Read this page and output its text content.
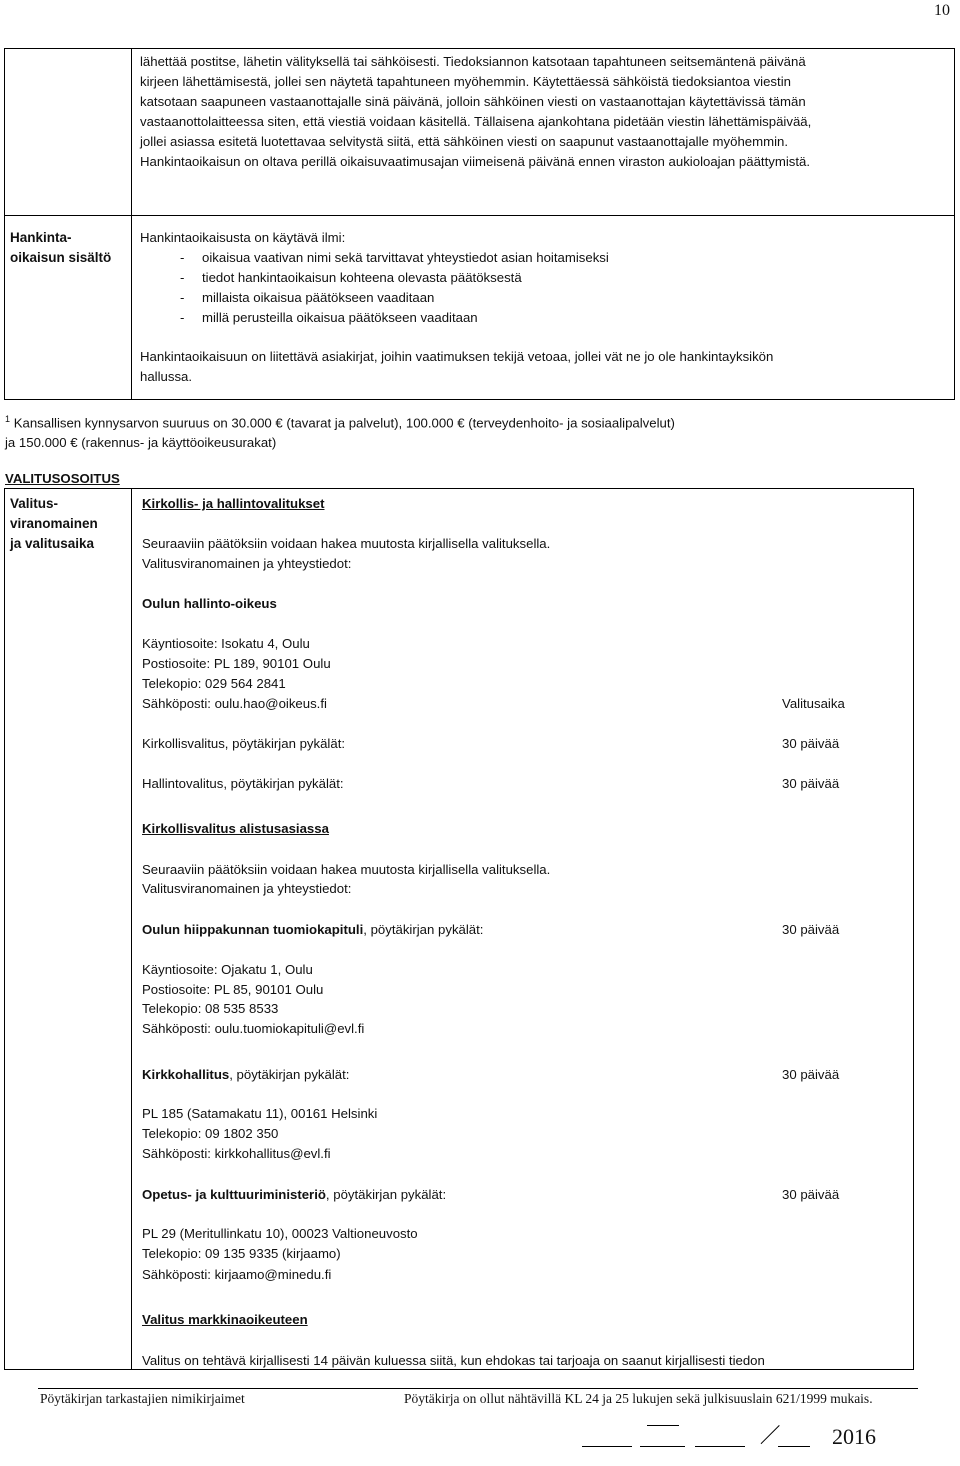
10
lähettää postitse, lähetin välityksellä tai sähköisesti. Tiedoksiannon katsotaan tapahtuneen seitsemäntenä päivänä
kirjeen lähettämisestä, jollei sen näytetä tapahtuneen myöhemmin. Käytettäessä sähköistä tiedoksiantoa viestin
katsotaan saapuneen vastaanottajalle sinä päivänä, jolloin sähköinen viesti on vastaanottajan käytettävissä tämän
vastaanottolaitteessa siten, että viestiä voidaan käsitellä. Tällaisena ajankohtana pidetään viestin lähettämispäivää,
jollei asiassa esitetä luotettavaa selvitystä siitä, että sähköinen viesti on saapunut vastaanottajalle myöhemmin.
Hankintaoikaisun on oltava perillä oikaisuvaatimusajan viimeisenä päivänä ennen viraston aukioloajan päättymistä.
Hankinta-
oikaisun sisältö
Hankintaoikaisusta on käytävä ilmi:
- oikaisua vaativan nimi sekä tarvittavat yhteystiedot asian hoitamiseksi
- tiedot hankintaoikaisun kohteena olevasta päätöksestä
- millaista oikaisua päätökseen vaaditaan
- millä perusteilla oikaisua päätökseen vaaditaan
Hankintaoikaisuun on liitettävä asiakirjat, joihin vaatimuksen tekijä vetoaa, jollei vät ne jo ole hankintayksikön
hallussa.
$^1$ Kansallisen kynnysarvon suuruus on 30.000 € (tavarat ja palvelut), 100.000 € (terveydenhoito- ja sosiaalipalvelut)
ja 150.000 € (rakennus- ja käyttöoikeusurakat)
VALITUSOSOITUS
Valitus-
viranomainen
ja valitusaika
Kirkollis- ja hallintovalitukset
Seuraaviin päätöksiin voidaan hakea muutosta kirjallisella valituksella.
Valitusviranomainen ja yhteystiedot:
Oulun hallinto-oikeus
Käyntiosoite: Isokatu 4, Oulu
Postiosoite: PL 189, 90101 Oulu
Telekopio: 029 564 2841
Sähköposti: oulu.hao@oikeus.fi	Valitusaika
Kirkollisvalitus, pöytäkirjan pykälät:	30 päivää
Hallintovalitus, pöytäkirjan pykälät:	30 päivää
Kirkollisvalitus alistusasiassa
Seuraaviin päätöksiin voidaan hakea muutosta kirjallisella valituksella.
Valitusviranomainen ja yhteystiedot:
Oulun hiippakunnan tuomiokapituli, pöytäkirjan pykälät:	30 päivää
Käyntiosoite: Ojakatu 1, Oulu
Postiosoite: PL 85, 90101 Oulu
Telekopio: 08 535 8533
Sähköposti: oulu.tuomiokapituli@evl.fi
Kirkkohallitus, pöytäkirjan pykälät:	30 päivää
PL 185 (Satamakatu 11), 00161 Helsinki
Telekopio: 09 1802 350
Sähköposti: kirkkohallitus@evl.fi
Opetus- ja kulttuuriministeriö, pöytäkirjan pykälät:	30 päivää
PL 29 (Meritullinkatu 10), 00023 Valtioneuvosto
Telekopio: 09 135 9335 (kirjaamo)
Sähköposti: kirjaamo@minedu.fi
Valitus markkinaoikeuteen
Valitus on tehtävä kirjallisesti 14 päivän kuluessa siitä, kun ehdokas tai tarjoaja on saanut kirjallisesti tiedon
Pöytäkirjan tarkastajien nimikirjaimet	Pöytäkirja on ollut nähtävillä KL 24 ja 25 lukujen sekä julkisuuslain 621/1999 mukais.
2016
